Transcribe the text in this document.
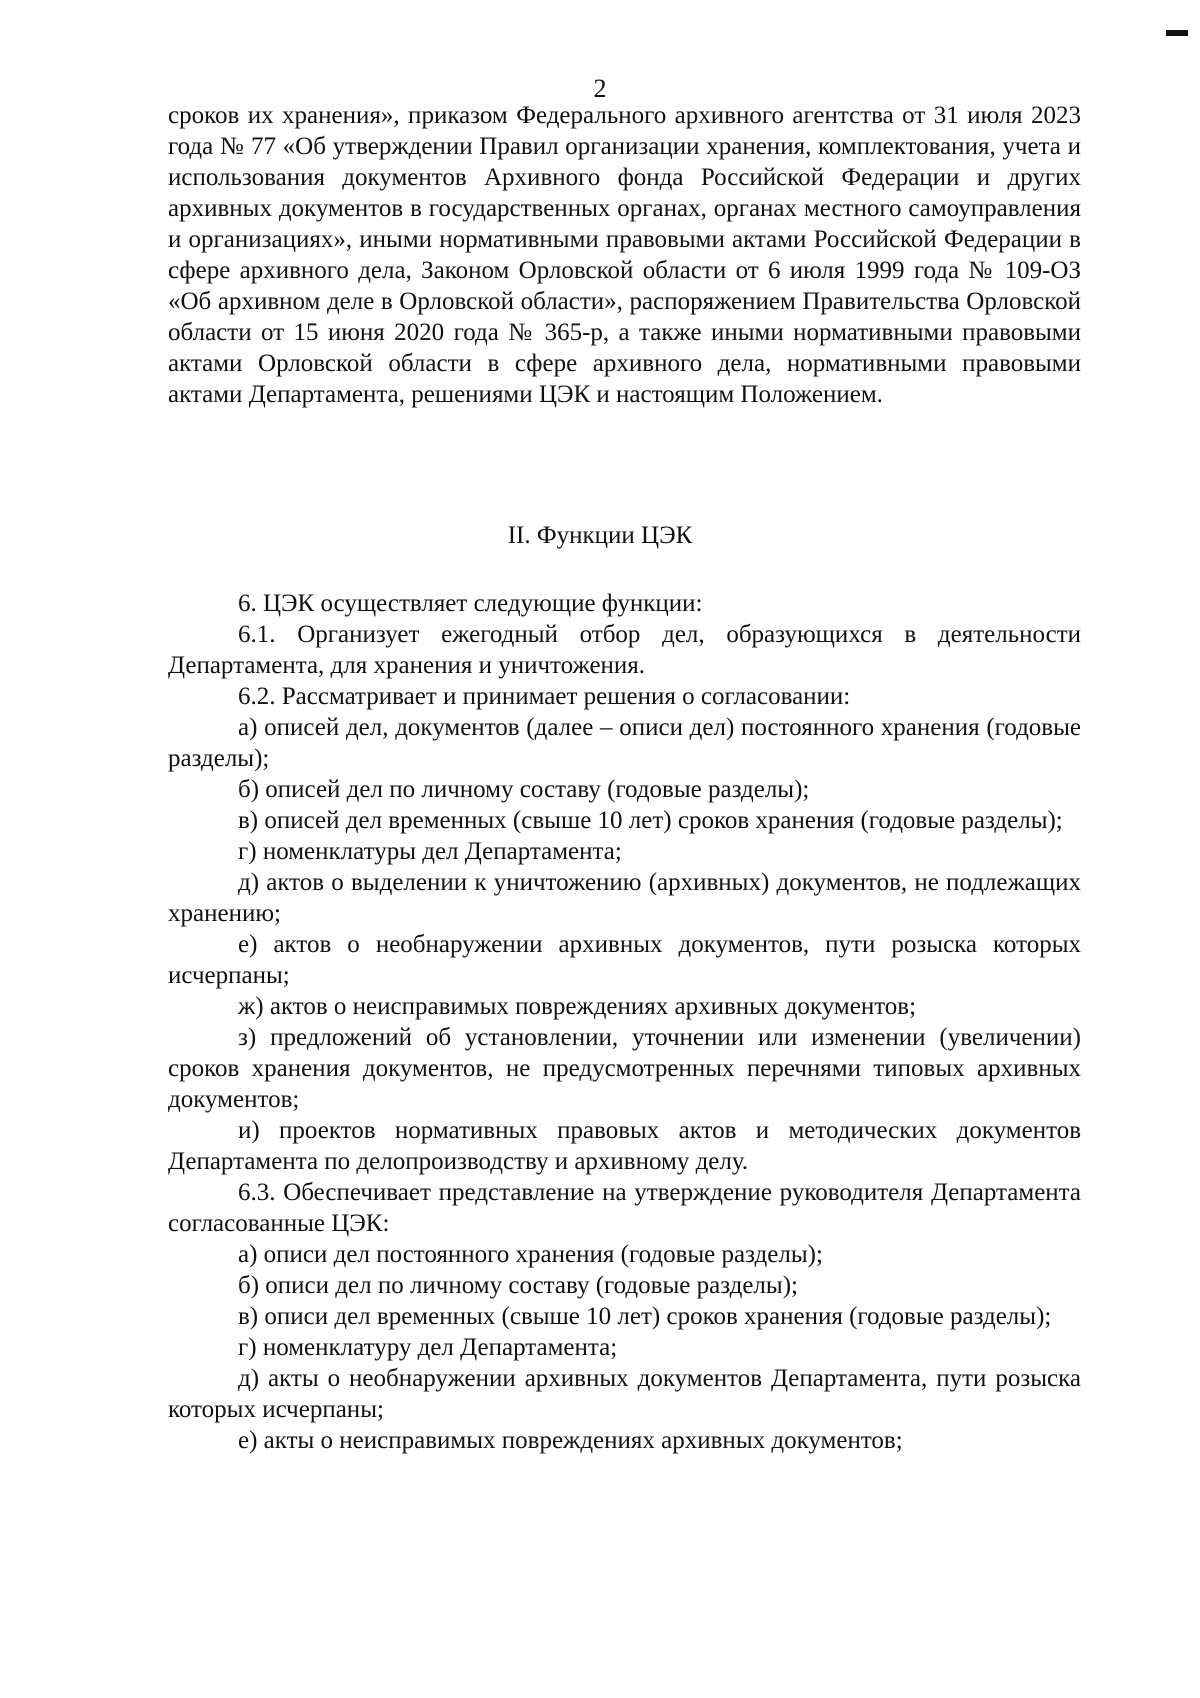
2

сроков их хранения», приказом Федерального архивного агентства от 31 июля 2023 года № 77 «Об утверждении Правил организации хранения, комплектования, учета и использования документов Архивного фонда Российской Федерации и других архивных документов в государственных органах, органах местного самоуправления и организациях», иными нормативными правовыми актами Российской Федерации в сфере архивного дела, Законом Орловской области от 6 июля 1999 года № 109-ОЗ «Об архивном деле в Орловской области», распоряжением Правительства Орловской области от 15 июня 2020 года № 365-р, а также иными нормативными правовыми актами Орловской области в сфере архивного дела, нормативными правовыми актами Департамента, решениями ЦЭК и настоящим Положением.

II. Функции ЦЭК

6. ЦЭК осуществляет следующие функции:

6.1. Организует ежегодный отбор дел, образующихся в деятельности Департамента, для хранения и уничтожения.

6.2. Рассматривает и принимает решения о согласовании:

а) описей дел, документов (далее – описи дел) постоянного хранения (годовые разделы);

б) описей дел по личному составу (годовые разделы);

в) описей дел временных (свыше 10 лет) сроков хранения (годовые разделы);

г) номенклатуры дел Департамента;

д) актов о выделении к уничтожению (архивных) документов, не подлежащих хранению;

е) актов о необнаружении архивных документов, пути розыска которых исчерпаны;

ж) актов о неисправимых повреждениях архивных документов;

з) предложений об установлении, уточнении или изменении (увеличении) сроков хранения документов, не предусмотренных перечнями типовых архивных документов;

и) проектов нормативных правовых актов и методических документов Департамента по делопроизводству и архивному делу.

6.3. Обеспечивает представление на утверждение руководителя Департамента согласованные ЦЭК:

а) описи дел постоянного хранения (годовые разделы);

б) описи дел по личному составу (годовые разделы);

в) описи дел временных (свыше 10 лет) сроков хранения (годовые разделы);

г) номенклатуру дел Департамента;

д) акты о необнаружении архивных документов Департамента, пути розыска которых исчерпаны;

е) акты о неисправимых повреждениях архивных документов;
